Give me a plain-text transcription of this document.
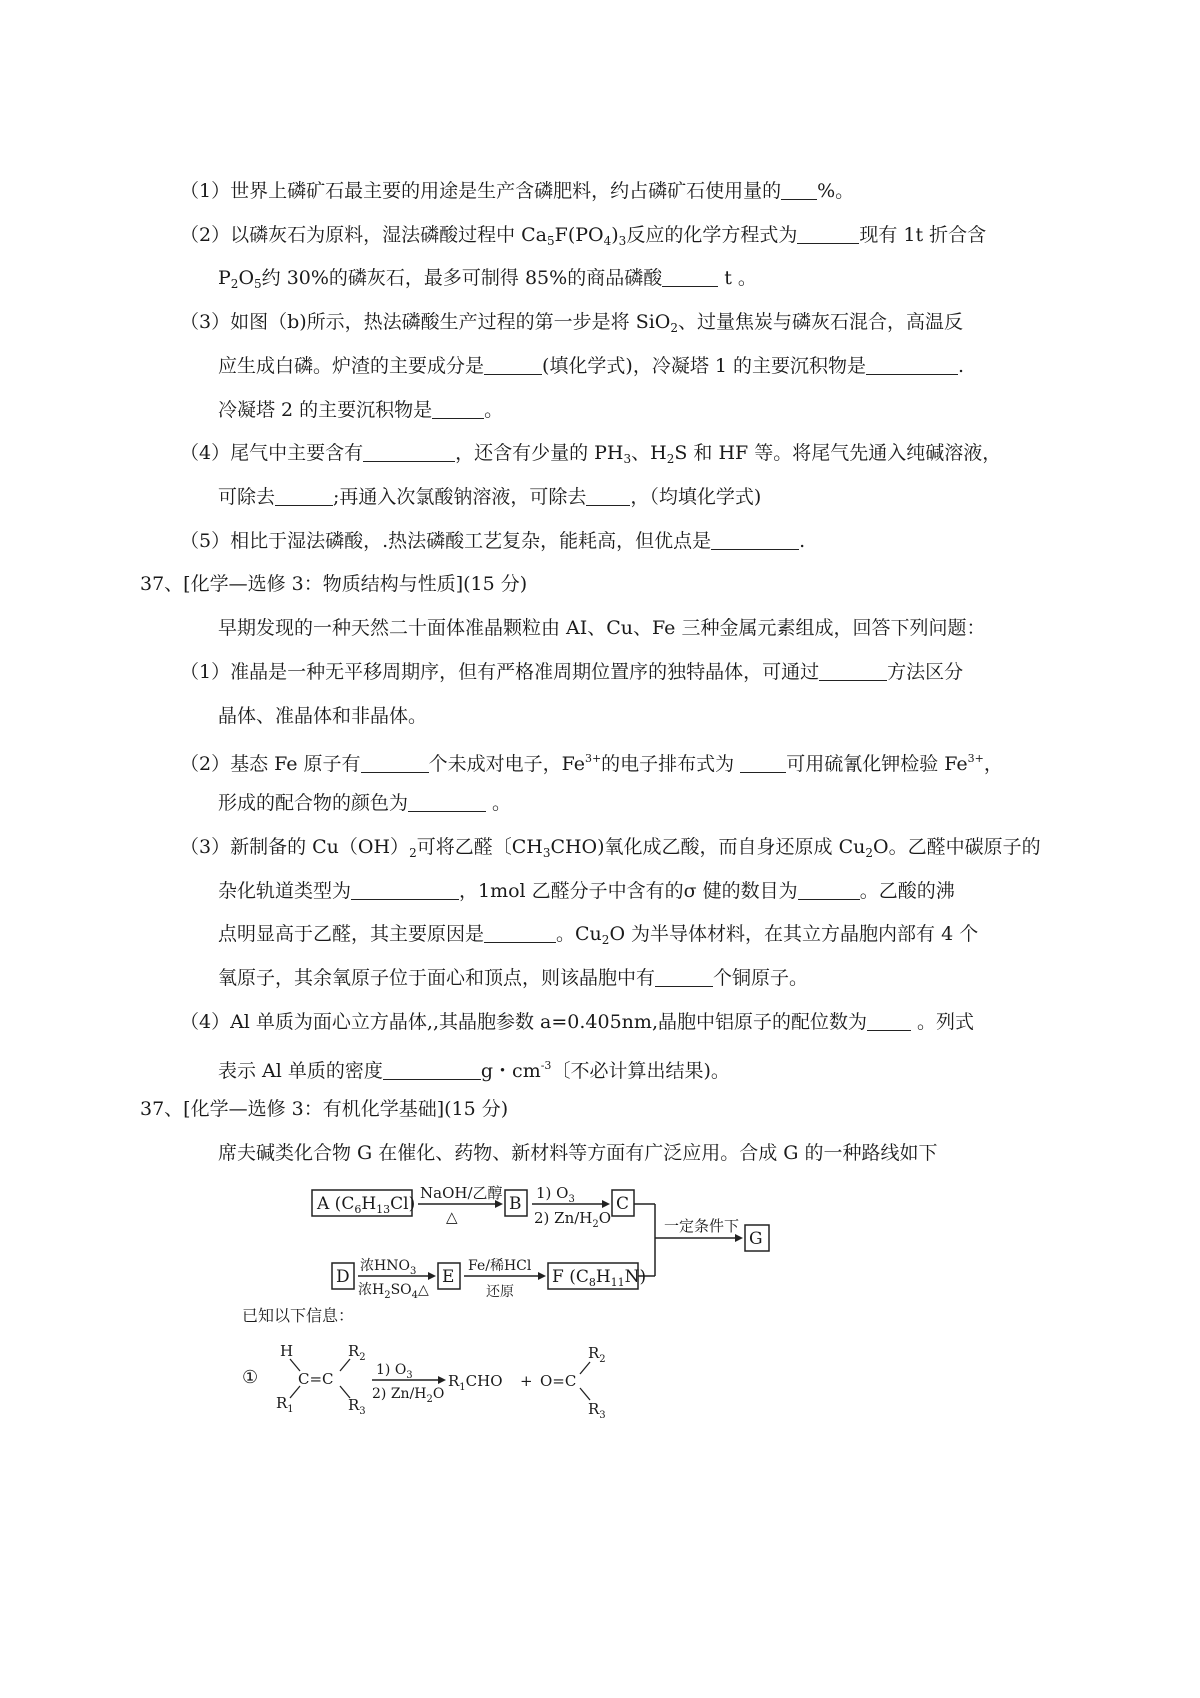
（1）世界上磷矿石最主要的用途是生产含磷肥料，约占磷矿石使用量的 %。
（2）以磷灰石为原料，湿法磷酸过程中 $Ca_5F(PO_4)_3$反应的化学方程式为	现有 1t 折合含
$P_2O_5$约 30%的磷灰石，最多可制得 85%的商品磷酸	t 。
（3）如图（b)所示，热法磷酸生产过程的第一步是将 SiO$_2$、过量焦炭与磷灰石混合，高温反
应生成白磷。炉渣的主要成分是	(填化学式)，冷凝塔 1 的主要沉积物是	.
冷凝塔 2 的主要沉积物是	。
（4）尾气中主要含有	，还含有少量的 $PH_3$、$H_2S$ 和 HF 等。将尾气先通入纯碱溶液，
可除去	;再通入次氯酸钠溶液，可除去 ，（均填化学式)
（5）相比于湿法磷酸，.热法磷酸工艺复杂，能耗高，但优点是	.
37、[化学—选修 3：物质结构与性质](15 分)
早期发现的一种天然二十面体准晶颗粒由 AI、Cu、Fe 三种金属元素组成，回答下列问题：
（1）准晶是一种无平移周期序，但有严格准周期位置序的独特晶体，可通过	方法区分
晶体、准晶体和非晶体。
（2）基态 Fe 原子有	个未成对电子，$Fe^{3+}$的电子排布式为 可用硫氰化钾检验 $Fe^{3+}$，
形成的配合物的颜色为	。
（3）新制备的 $Cu(OH)_2$可将乙醛〔$CH_3CHO$)氧化成乙酸，而自身还原成 $Cu_2O$。乙醛中碳原子的
杂化轨道类型为	，1mol 乙醛分子中含有的σ 健的数目为	。乙酸的沸
点明显高于乙醛，其主要原因是	。$Cu_2O$ 为半导体材料，在其立方晶胞内部有 4 个
氧原子，其余氧原子位于面心和顶点，则该晶胞中有	个铜原子。
（4）Al 单质为面心立方晶体,,其晶胞参数 a=0.405nm,晶胞中铝原子的配位数为 。列式
表示 Al 单质的密度	g・$cm^{-3}$〔不必计算出结果)。
37、[化学—选修 3：有机化学基础](15 分)
席夫碱类化合物 G 在催化、药物、新材料等方面有广泛应用。合成 G 的一种路线如下
A $(C_6H_{13}Cl)$
NaOH/乙醇
△
B
1) $O_3$
2) $Zn/H_2O$
C
一定条件下
G
D
浓$HNO_3$
浓$H_2SO_4\triangle$
E
Fe/稀HCl
还原
F $(C_8H_{11}N)$
已知以下信息：
①
H
$R_1$
C=C
$R_2$
$R_3$
1) $O_3$
2) $Zn/H_2O$
$R_1CHO + O=C$
$R_2$
$R_3$
